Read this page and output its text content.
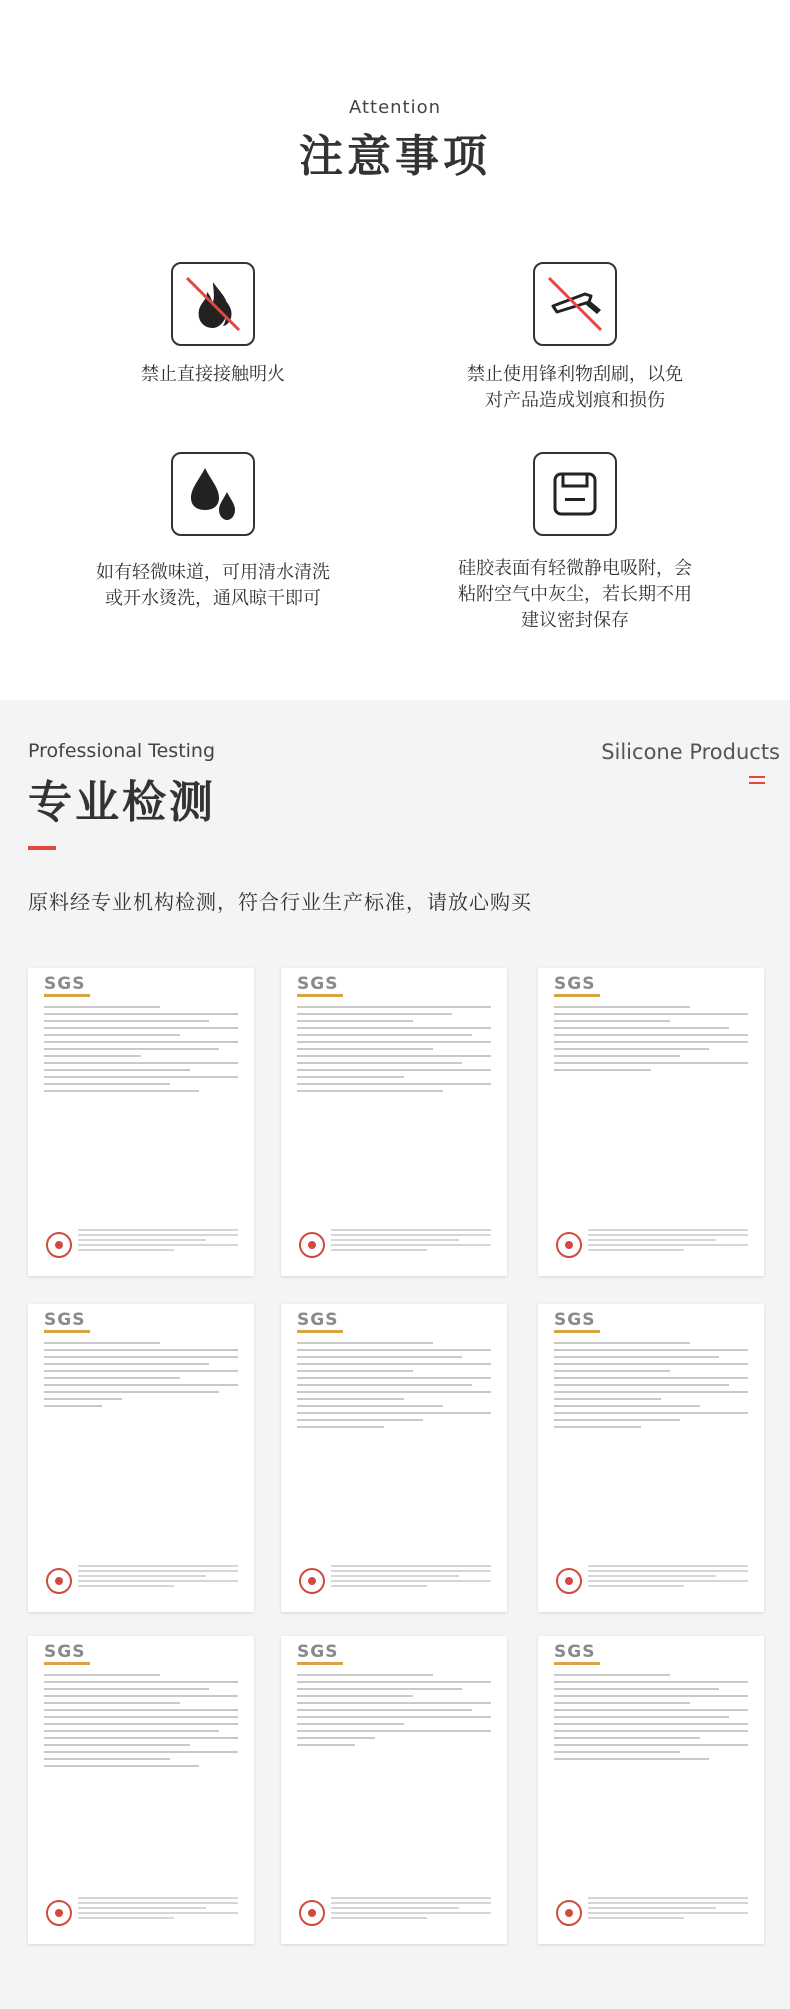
Attention
注意事项
禁止直接接触明火	禁止使用锋利物刮刷，以免对产品造成划痕和损伤
如有轻微味道，可用清水清洗或开水烫洗，通风晾干即可
硅胶表面有轻微静电吸附，会粘附空气中灰尘，若长期不用建议密封保存
Professional Testing
专业检测
Silicone Products
原料经专业机构检测，符合行业生产标准，请放心购买
SGS	SGS	SGS
SGS	SGS	SGS
SGS	SGS	SGS
